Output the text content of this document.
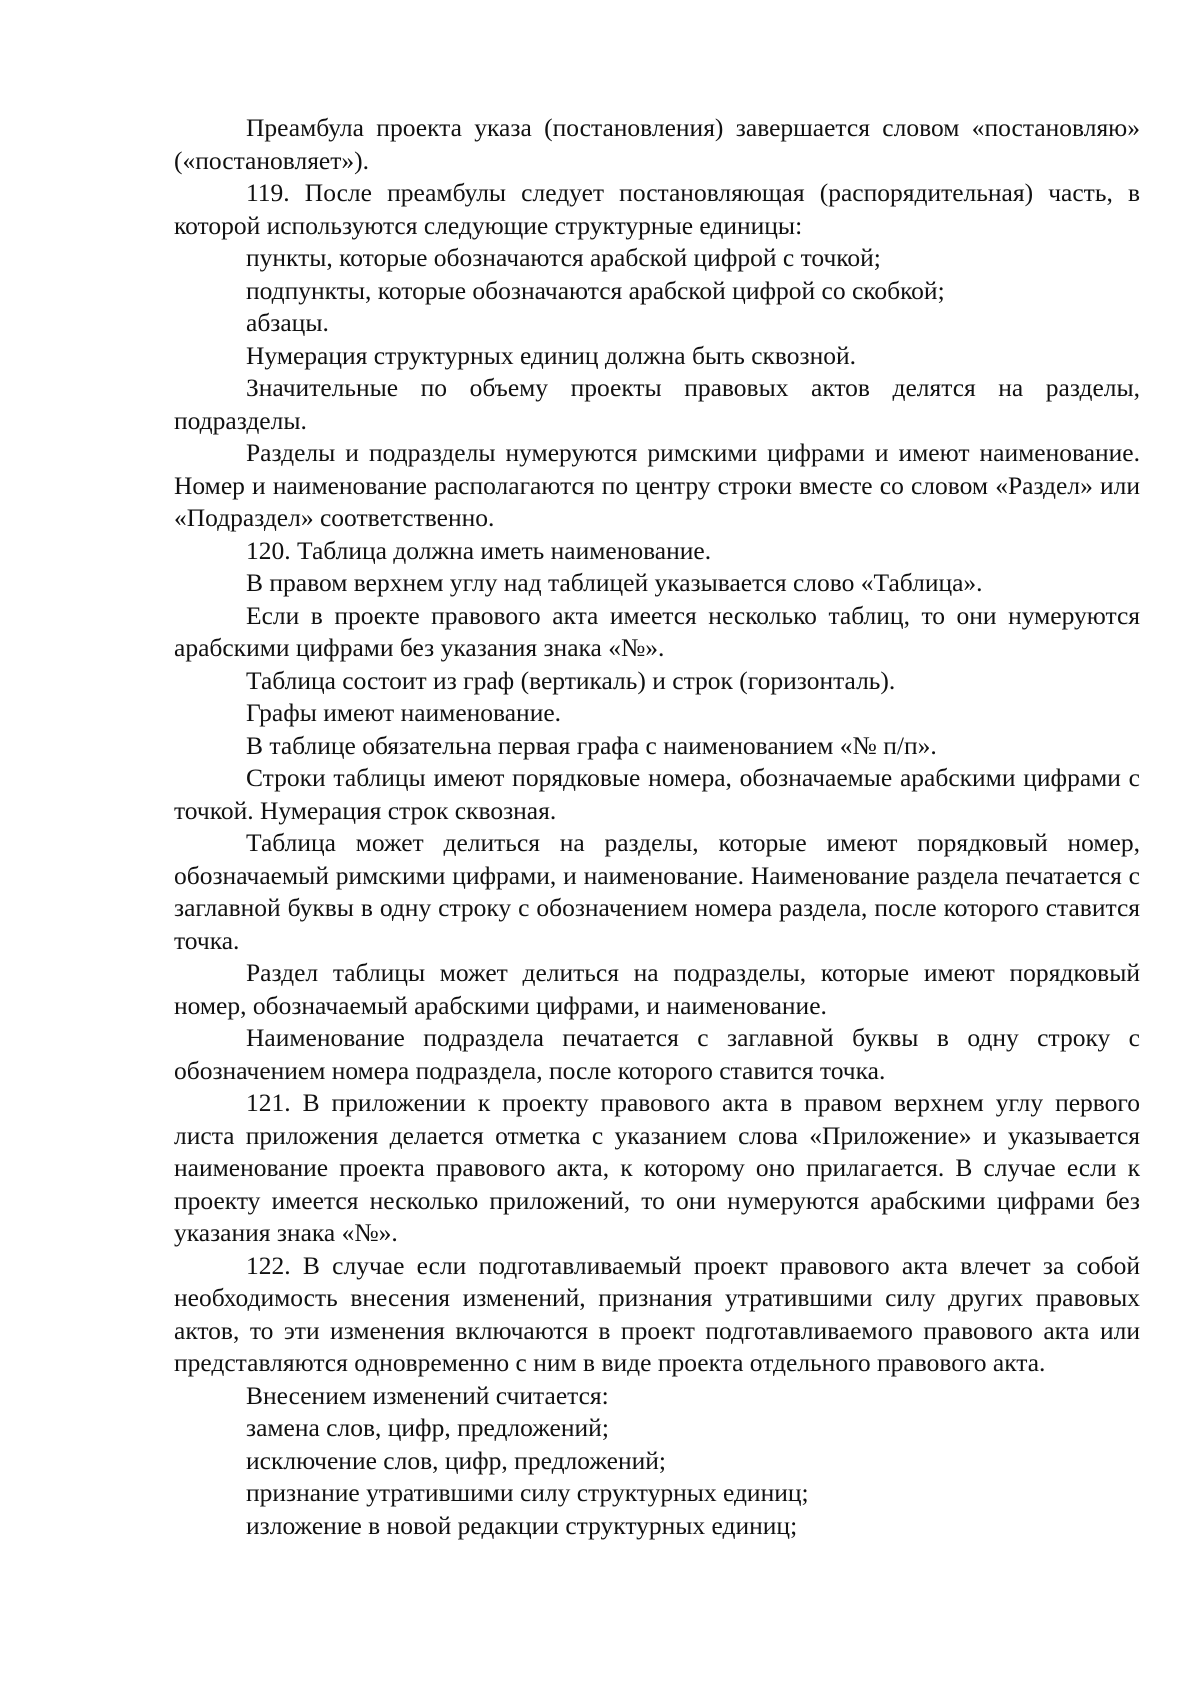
Преамбула проекта указа (постановления) завершается словом «постановляю» («постановляет»).

119. После преамбулы следует постановляющая (распорядительная) часть, в которой используются следующие структурные единицы:

пункты, которые обозначаются арабской цифрой с точкой;

подпункты, которые обозначаются арабской цифрой со скобкой;

абзацы.

Нумерация структурных единиц должна быть сквозной.

Значительные по объему проекты правовых актов делятся на разделы, подразделы.

Разделы и подразделы нумеруются римскими цифрами и имеют наименование. Номер и наименование располагаются по центру строки вместе со словом «Раздел» или «Подраздел» соответственно.

120. Таблица должна иметь наименование.

В правом верхнем углу над таблицей указывается слово «Таблица».

Если в проекте правового акта имеется несколько таблиц, то они нумеруются арабскими цифрами без указания знака «№».

Таблица состоит из граф (вертикаль) и строк (горизонталь).

Графы имеют наименование.

В таблице обязательна первая графа с наименованием «№ п/п».

Строки таблицы имеют порядковые номера, обозначаемые арабскими цифрами с точкой. Нумерация строк сквозная.

Таблица может делиться на разделы, которые имеют порядковый номер, обозначаемый римскими цифрами, и наименование. Наименование раздела печатается с заглавной буквы в одну строку с обозначением номера раздела, после которого ставится точка.

Раздел таблицы может делиться на подразделы, которые имеют порядковый номер, обозначаемый арабскими цифрами, и наименование.

Наименование подраздела печатается с заглавной буквы в одну строку с обозначением номера подраздела, после которого ставится точка.

121. В приложении к проекту правового акта в правом верхнем углу первого листа приложения делается отметка с указанием слова «Приложение» и указывается наименование проекта правового акта, к которому оно прилагается. В случае если к проекту имеется несколько приложений, то они нумеруются арабскими цифрами без указания знака «№».

122. В случае если подготавливаемый проект правового акта влечет за собой необходимость внесения изменений, признания утратившими силу других правовых актов, то эти изменения включаются в проект подготавливаемого правового акта или представляются одновременно с ним в виде проекта отдельного правового акта.

Внесением изменений считается:

замена слов, цифр, предложений;

исключение слов, цифр, предложений;

признание утратившими силу структурных единиц;

изложение в новой редакции структурных единиц;
